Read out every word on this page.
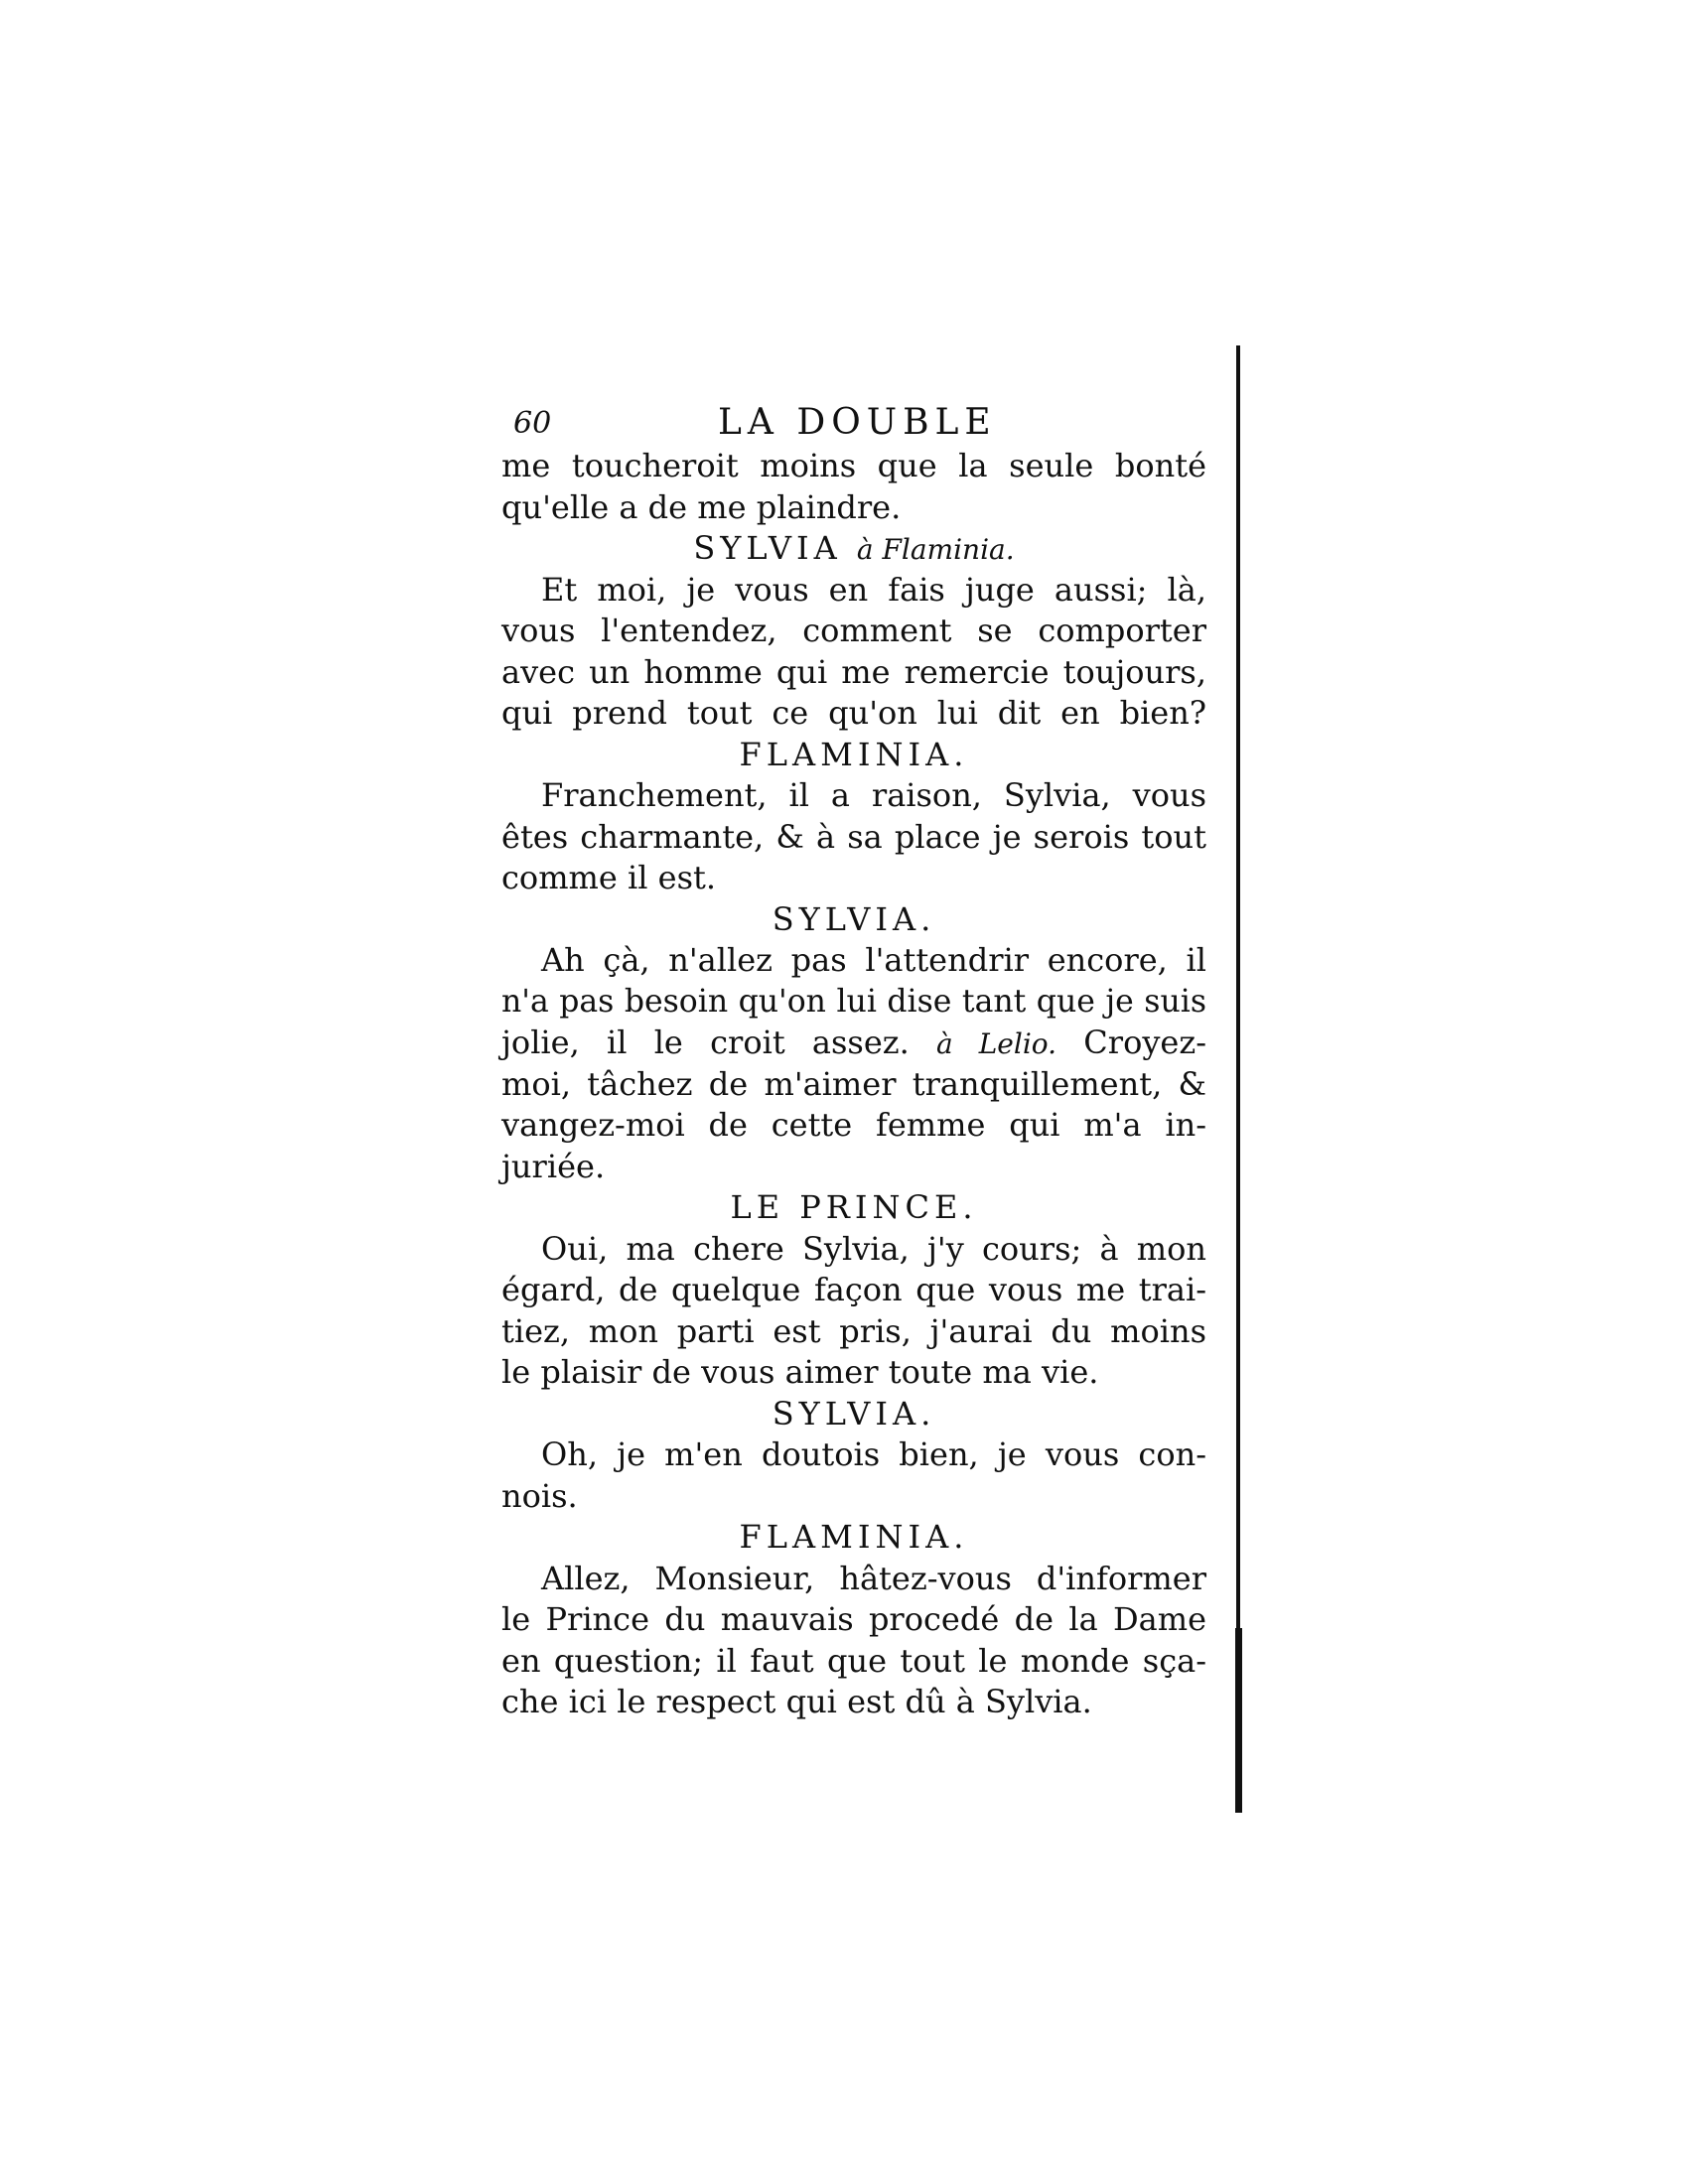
60	LA DOUBLE
me toucheroit moins que la seule bonté
qu'elle a de me plaindre.
SYLVIA à Flaminia.
Et moi, je vous en fais juge aussi; là,
vous l'entendez, comment se comporter
avec un homme qui me remercie toujours,
qui prend tout ce qu'on lui dit en bien?
FLAMINIA.
Franchement, il a raison, Sylvia, vous
êtes charmante, & à sa place je serois tout
comme il est.
SYLVIA.
Ah çà, n'allez pas l'attendrir encore, il
n'a pas besoin qu'on lui dise tant que je suis
jolie, il le croit assez. à Lelio. Croyez-
moi, tâchez de m'aimer tranquillement, &
vangez-moi de cette femme qui m'a in-
juriée.
LE PRINCE.
Oui, ma chere Sylvia, j'y cours; à mon
égard, de quelque façon que vous me trai-
tiez, mon parti est pris, j'aurai du moins
le plaisir de vous aimer toute ma vie.
SYLVIA.
Oh, je m'en doutois bien, je vous con-
nois.
FLAMINIA.
Allez, Monsieur, hâtez-vous d'informer
le Prince du mauvais procedé de la Dame
en question; il faut que tout le monde sça-
che ici le respect qui est dû à Sylvia.
